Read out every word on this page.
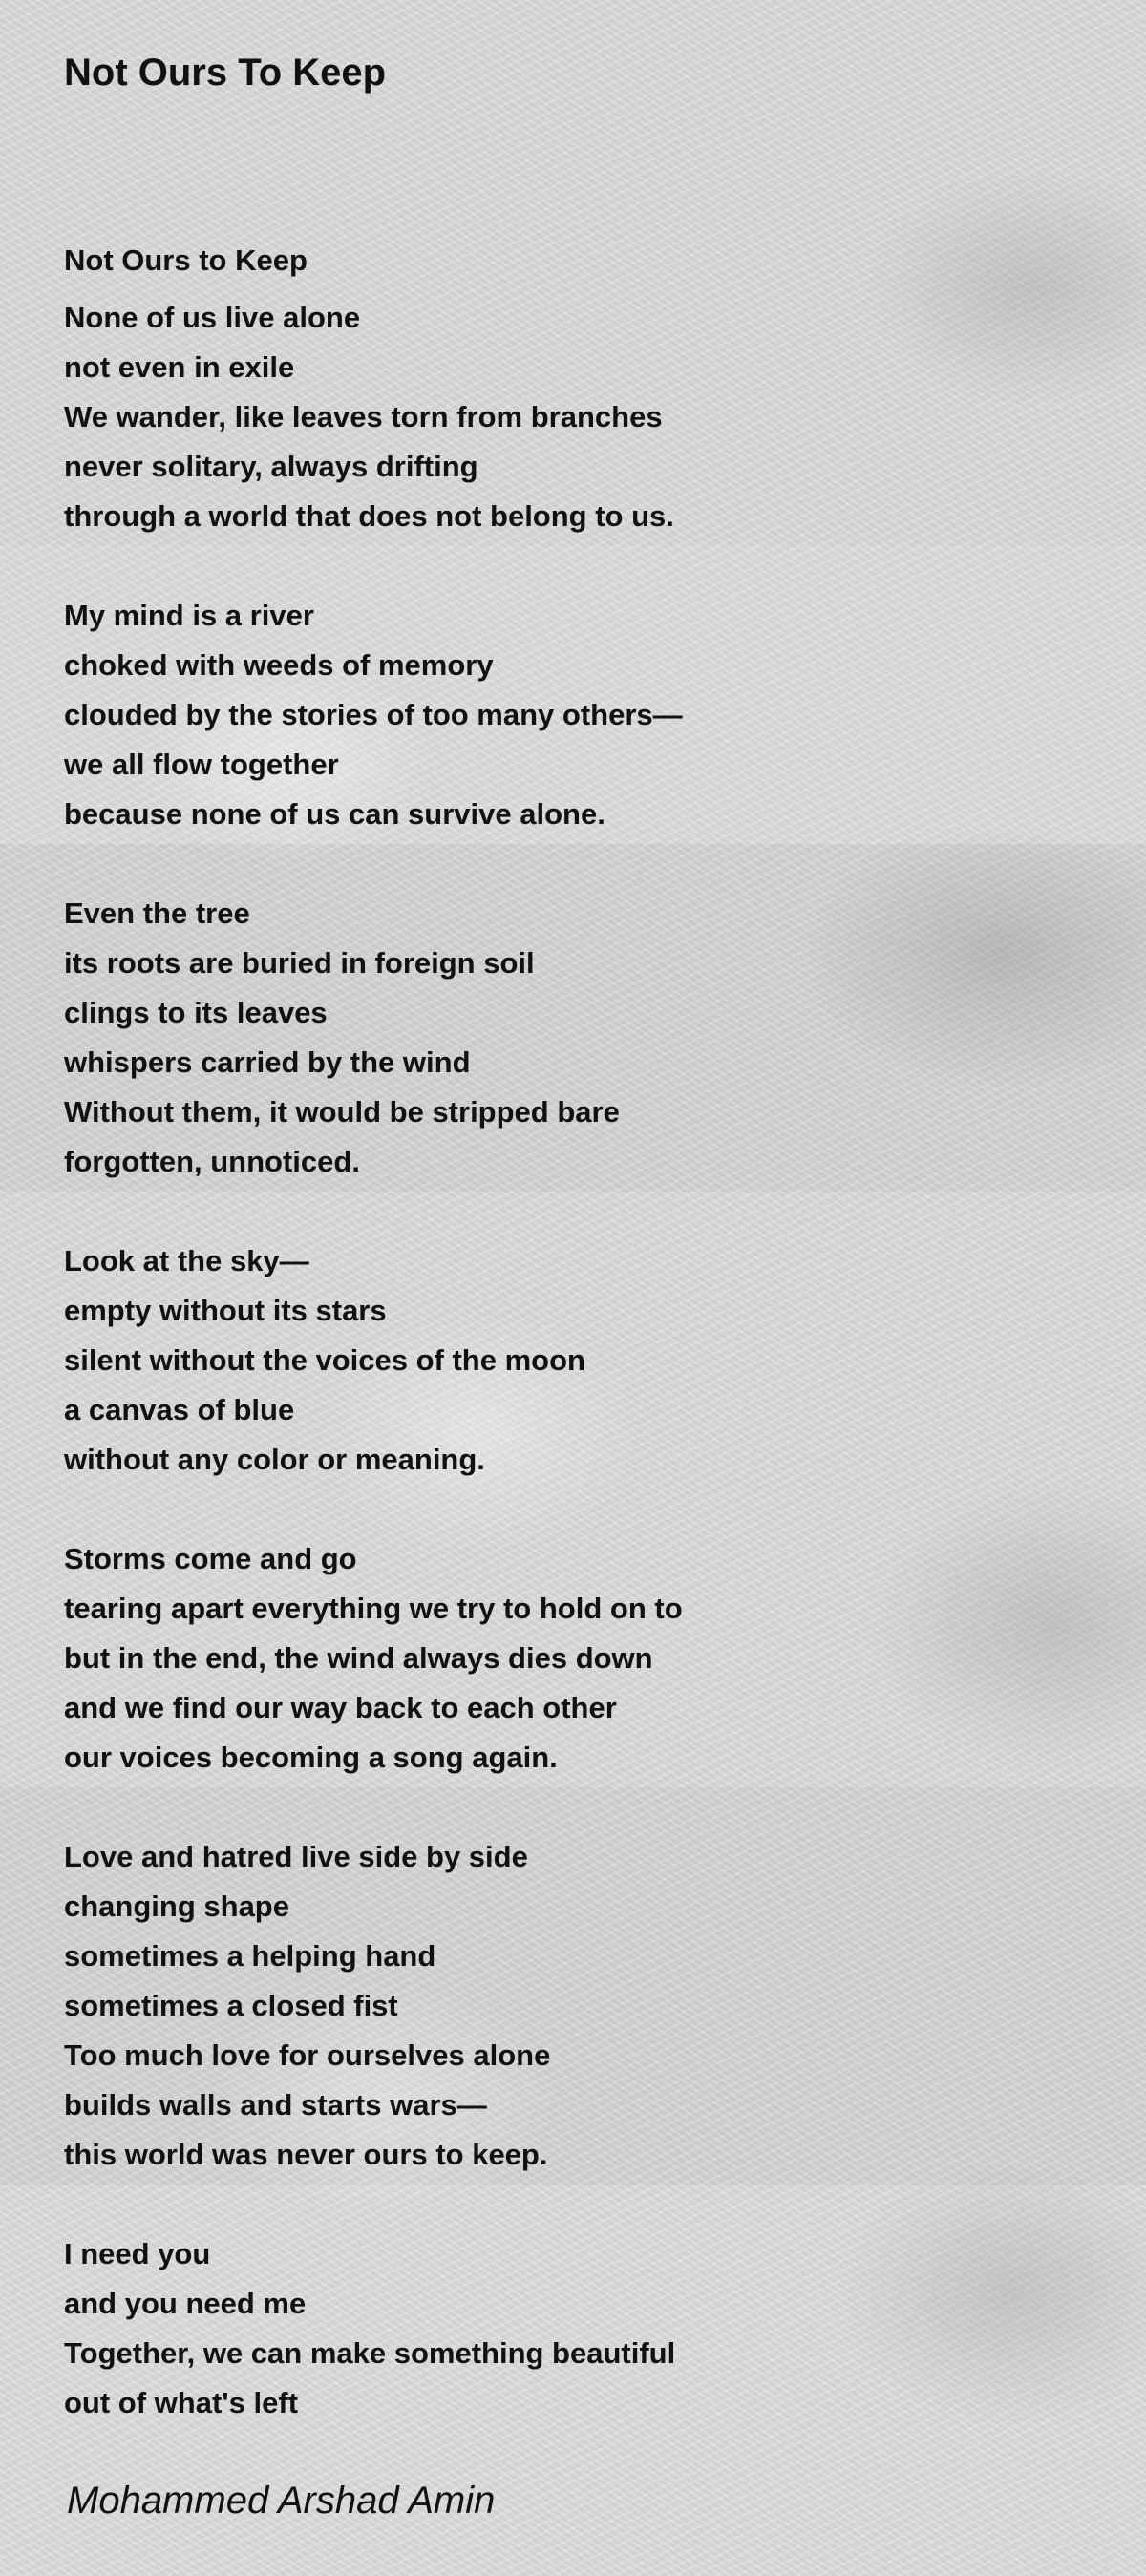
Not Ours To Keep
Not Ours to Keep
None of us live alone
not even in exile
We wander, like leaves torn from branches
never solitary, always drifting
through a world that does not belong to us.
My mind is a river
choked with weeds of memory
clouded by the stories of too many others—
we all flow together
because none of us can survive alone.
Even the tree
its roots are buried in foreign soil
clings to its leaves
whispers carried by the wind
Without them, it would be stripped bare
forgotten, unnoticed.
Look at the sky—
empty without its stars
silent without the voices of the moon
a canvas of blue
without any color or meaning.
Storms come and go
tearing apart everything we try to hold on to
but in the end, the wind always dies down
and we find our way back to each other
our voices becoming a song again.
Love and hatred live side by side
changing shape
sometimes a helping hand
sometimes a closed fist
Too much love for ourselves alone
builds walls and starts wars—
this world was never ours to keep.
I need you
and you need me
Together, we can make something beautiful
out of what's left
Mohammed Arshad Amin
